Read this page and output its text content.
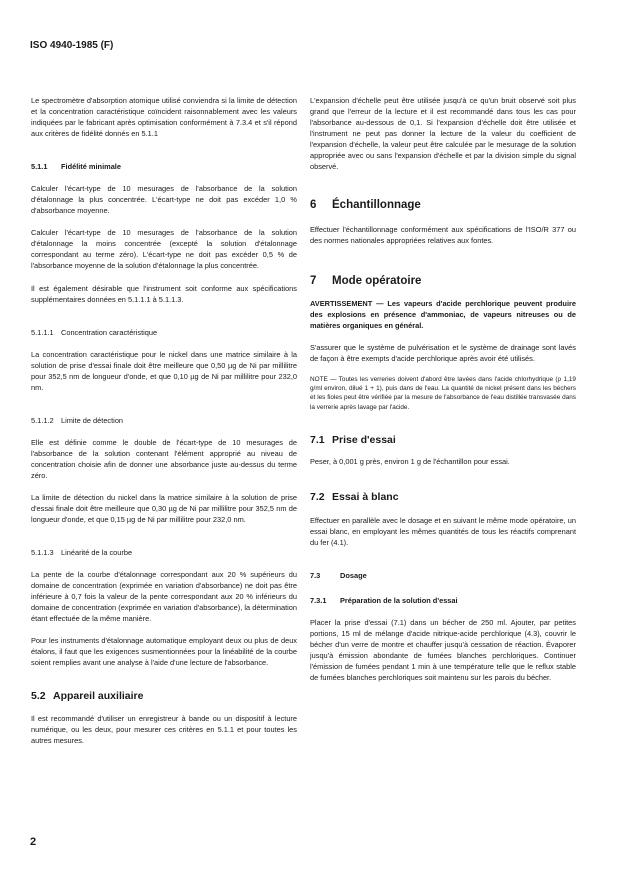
ISO 4940-1985 (F)

Le spectromètre d'absorption atomique utilisé conviendra si la limite de détection et la concentration caractéristique coïncident raisonnablement avec les valeurs indiquées par le fabricant après optimisation conformément à 7.3.4 et s'il répond aux critères de fidélité donnés en 5.1.1

5.1.1 Fidélité minimale

Calculer l'écart-type de 10 mesurages de l'absorbance de la solution d'étalonnage la plus concentrée. L'écart-type ne doit pas excéder 1,0 % d'absorbance moyenne.

Calculer l'écart-type de 10 mesurages de l'absorbance de la solution d'étalonnage la moins concentrée (excepté la solution d'étalonnage correspondant au terme zéro). L'écart-type ne doit pas excéder 0,5 % de l'absorbance moyenne de la solution d'étalonnage la plus concentrée.

Il est également désirable que l'instrument soit conforme aux spécifications supplémentaires données en 5.1.1.1 à 5.1.1.3.

5.1.1.1 Concentration caractéristique

La concentration caractéristique pour le nickel dans une matrice similaire à la solution de prise d'essai finale doit être meilleure que 0,50 µg de Ni par millilitre pour 352,5 nm de longueur d'onde, et que 0,10 µg de Ni par millilitre pour 232,0 nm.

5.1.1.2 Limite de détection

Elle est définie comme le double de l'écart-type de 10 mesurages de l'absorbance de la solution contenant l'élément approprié au niveau de concentration choisie afin de donner une absorbance juste au-dessus du terme zéro.

La limite de détection du nickel dans la matrice similaire à la solution de prise d'essai finale doit être meilleure que 0,30 µg de Ni par millilitre pour 352,5 nm de longueur d'onde, et que 0,15 µg de Ni par millilitre pour 232,0 nm.

5.1.1.3 Linéarité de la courbe

La pente de la courbe d'étalonnage correspondant aux 20 % supérieurs du domaine de concentration (exprimée en variation d'absorbance) ne doit pas être inférieure à 0,7 fois la valeur de la pente correspondant aux 20 % inférieurs du domaine de concentration (exprimée en variation d'absorbance), la détermination étant effectuée de la même manière.

Pour les instruments d'étalonnage automatique employant deux ou plus de deux étalons, il faut que les exigences susmentionnées pour la linéabilité de la courbe soient remplies avant une analyse à l'aide d'une lecture de l'absorbance.

5.2 Appareil auxiliaire

Il est recommandé d'utiliser un enregistreur à bande ou un dispositif à lecture numérique, ou les deux, pour mesurer ces critères en 5.1.1 et pour toutes les autres mesures.

L'expansion d'échelle peut être utilisée jusqu'à ce qu'un bruit observé soit plus grand que l'erreur de la lecture et il est recommandé dans tous les cas pour l'absorbance au-dessous de 0,1. Si l'expansion d'échelle doit être utilisée et l'instrument ne peut pas donner la lecture de la valeur du coefficient de l'expansion d'échelle, la valeur peut être calculée par le mesurage de la solution appropriée avec ou sans l'expansion d'échelle et par la division simple du signal observé.

6 Échantillonnage

Effectuer l'échantillonnage conformément aux spécifications de l'ISO/R 377 ou des normes nationales appropriées relatives aux fontes.

7 Mode opératoire

AVERTISSEMENT — Les vapeurs d'acide perchlorique peuvent produire des explosions en présence d'ammoniac, de vapeurs nitreuses ou de matières organiques en général.

S'assurer que le système de pulvérisation et le système de drainage sont lavés de façon à être exempts d'acide perchlorique après avoir été utilisés.

NOTE — Toutes les verreries doivent d'abord être lavées dans l'acide chlorhydrique (ρ 1,19 g/ml environ, dilué 1 + 1), puis dans de l'eau. La quantité de nickel présent dans les béchers et les fioles peut être vérifiée par la mesure de l'absorbance de l'eau distillée transvasée dans la verrerie après lavage par l'acide.

7.1 Prise d'essai

Peser, à 0,001 g près, environ 1 g de l'échantillon pour essai.

7.2 Essai à blanc

Effectuer en parallèle avec le dosage et en suivant le même mode opératoire, un essai blanc, en employant les mêmes quantités de tous les réactifs comprenant du fer (4.1).

7.3	Dosage
7.3.1 Préparation de la solution d'essai

Placer la prise d'essai (7.1) dans un bécher de 250 ml. Ajouter, par petites portions, 15 ml de mélange d'acide nitrique-acide perchlorique (4.3), couvrir le bécher d'un verre de montre et chauffer jusqu'à cessation de réaction. Évaporer jusqu'à émission abondante de fumées blanches perchloriques. Continuer l'émission de fumées pendant 1 min à une température telle que le reflux stable de fumées blanches perchloriques soit maintenu sur les parois du bécher.

2
